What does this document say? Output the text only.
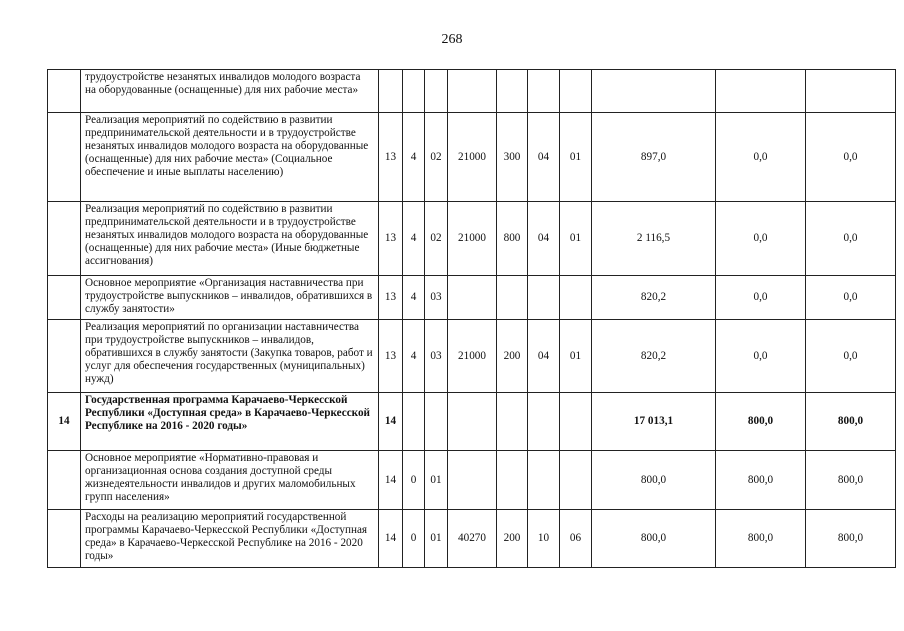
268
	трудоустройстве незанятых инвалидов молодого возраста на оборудованные (оснащенные) для них рабочие места»										
	Реализация мероприятий по содействию в развитии предпринимательской деятельности и в трудоустройстве незанятых инвалидов молодого возраста на оборудованные (оснащенные) для них рабочие места» (Социальное обеспечение и иные выплаты населению)	13	4	02	21000	300	04	01	897,0	0,0	0,0
	Реализация мероприятий по содействию в развитии предпринимательской деятельности и в трудоустройстве незанятых инвалидов молодого возраста на оборудованные (оснащенные) для них рабочие места» (Иные бюджетные ассигнования)	13	4	02	21000	800	04	01	2 116,5	0,0	0,0
	Основное мероприятие «Организация наставничества при трудоустройстве выпускников – инвалидов, обратившихся в службу занятости»	13	4	03					820,2	0,0	0,0
	Реализация мероприятий по организации наставничества при трудоустройстве выпускников – инвалидов, обратившихся в службу занятости (Закупка товаров, работ и услуг для обеспечения государственных (муниципальных) нужд)	13	4	03	21000	200	04	01	820,2	0,0	0,0
14	Государственная программа Карачаево-Черкесской Республики «Доступная среда» в Карачаево-Черкесской Республике на 2016 - 2020 годы»	14							17 013,1	800,0	800,0
	Основное мероприятие «Нормативно-правовая и организационная основа создания доступной среды жизнедеятельности инвалидов и других маломобильных групп населения»	14	0	01					800,0	800,0	800,0
	Расходы на реализацию мероприятий государственной программы Карачаево-Черкесской Республики «Доступная среда» в Карачаево-Черкесской Республике на 2016 - 2020 годы»	14	0	01	40270	200	10	06	800,0	800,0	800,0
